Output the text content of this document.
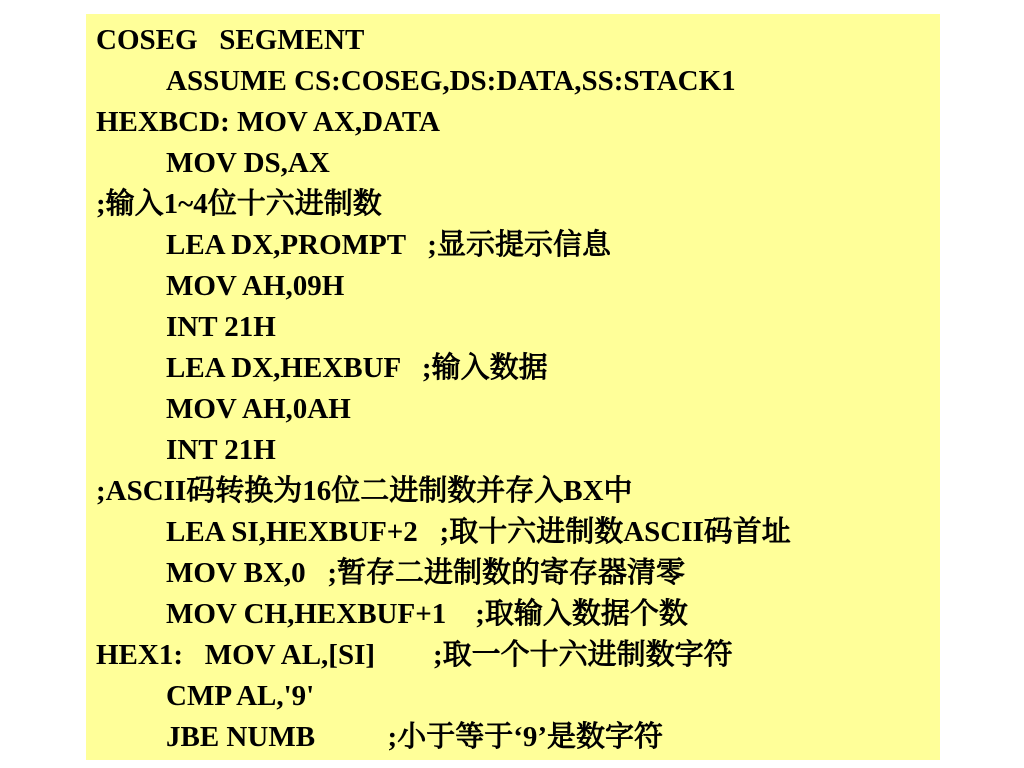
COSEG   SEGMENT
ASSUME CS:COSEG,DS:DATA,SS:STACK1
HEXBCD: MOV AX,DATA
MOV DS,AX
;输入1~4位十六进制数
LEA DX,PROMPT   ;显示提示信息
MOV AH,09H
INT 21H
LEA DX,HEXBUF   ;输入数据
MOV AH,0AH
INT 21H
;ASCII码转换为16位二进制数并存入BX中
LEA SI,HEXBUF+2   ;取十六进制数ASCII码首址
MOV BX,0   ;暂存二进制数的寄存器清零
MOV CH,HEXBUF+1    ;取输入数据个数
HEX1:   MOV AL,[SI]        ;取一个十六进制数字符
CMP AL,'9'
JBE NUMB          ;小于等于‘9’是数字符
